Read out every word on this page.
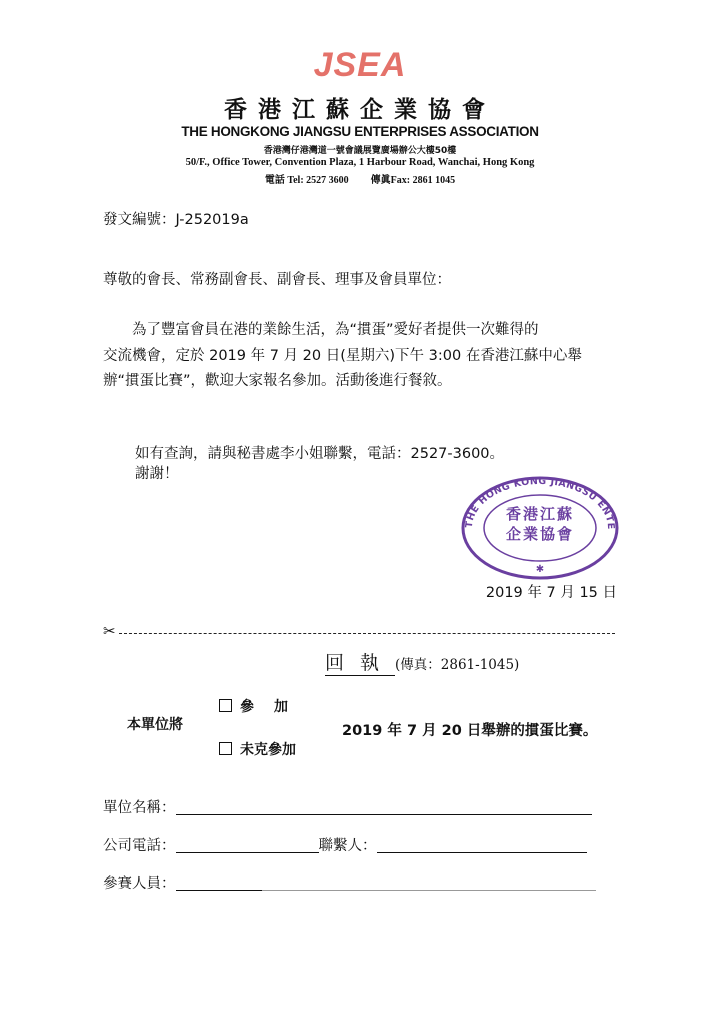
JSEA
香港江蘇企業協會
THE HONGKONG JIANGSU ENTERPRISES ASSOCIATION
香港灣仔港灣道一號會議展覽廣場辦公大樓50樓
50/F., Office Tower, Convention Plaza, 1 Harbour Road, Wanchai, Hong Kong
電話 Tel: 2527 3600 傳眞Fax: 2861 1045
發文編號：J-252019a
尊敬的會長、常務副會長、副會長、理事及會員單位：

　　為了豐富會員在港的業餘生活，為“摜蛋”愛好者提供一次難得的

交流機會，定於 2019 年 7 月 20 日(星期六)下午 3:00 在香港江蘇中心舉

辦“摜蛋比賽”，歡迎大家報名參加。活動後進行餐敘。

如有查詢，請與秘書處李小姐聯繫，電話：2527-3600。
謝謝！
THE HONG KONG JIANGSU ENTE
✱
香港江蘇
企業協會
2019 年 7 月 15 日
✂
回執(傳真：2861-1045)
參加
本單位將	2019 年 7 月 20 日舉辦的摜蛋比賽。
未克參加
單位名稱：
公司電話：	聯繫人：
參賽人員：
